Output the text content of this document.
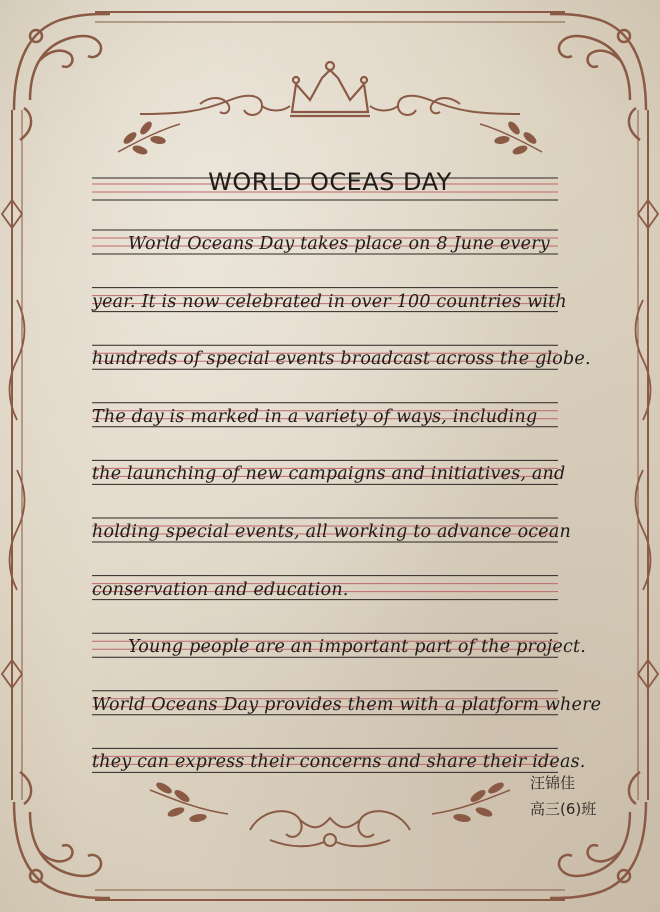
WORLD OCEAS DAY
World Oceans Day takes place on 8 June every
year. It is now celebrated in over 100 countries with
hundreds of special events broadcast across the globe.
The day is marked in a variety of ways, including
the launching of new campaigns and initiatives, and
holding special events, all working to advance ocean
conservation and education.
Young people are an important part of the project.
World Oceans Day provides them with a platform where
they can express their concerns and share their ideas.
汪锦佳
高三(6)班
